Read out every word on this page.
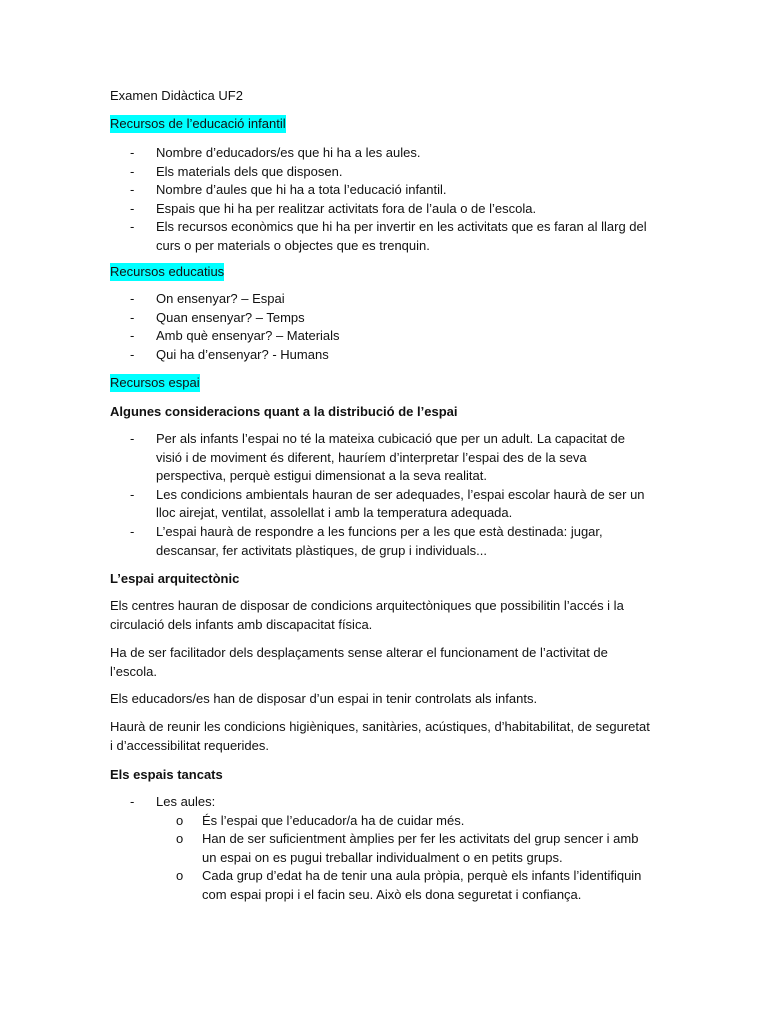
Examen Didàctica UF2
Recursos de l’educació infantil
- Nombre d’educadors/es que hi ha a les aules.
- Els materials dels que disposen.
- Nombre d’aules que hi ha a tota l’educació infantil.
- Espais que hi ha per realitzar activitats fora de l’aula o de l’escola.
- Els recursos econòmics que hi ha per invertir en les activitats que es faran al llarg del curs o per materials o objectes que es trenquin.
Recursos educatius
- On ensenyar? – Espai
- Quan ensenyar? – Temps
- Amb què ensenyar? – Materials
- Qui ha d’ensenyar? - Humans
Recursos espai
Algunes consideracions quant a la distribució de l’espai
- Per als infants l’espai no té la mateixa cubicació que per un adult. La capacitat de visió i de moviment és diferent, hauríem d’interpretar l’espai des de la seva perspectiva, perquè estigui dimensionat a la seva realitat.
- Les condicions ambientals hauran de ser adequades, l’espai escolar haurà de ser un lloc airejat, ventilat, assolellat i amb la temperatura adequada.
- L’espai haurà de respondre a les funcions per a les que està destinada: jugar, descansar, fer activitats plàstiques, de grup i individuals...
L’espai arquitectònic

Els centres hauran de disposar de condicions arquitectòniques que possibilitin l’accés i la circulació dels infants amb discapacitat física.

Ha de ser facilitador dels desplaçaments sense alterar el funcionament de l’activitat de l’escola.

Els educadors/es han de disposar d’un espai in tenir controlats als infants.

Haurà de reunir les condicions higièniques, sanitàries, acústiques, d’habitabilitat, de seguretat i d’accessibilitat requerides.

Els espais tancats
- Les aules:
o És l’espai que l’educador/a ha de cuidar més.
o Han de ser suficientment àmplies per fer les activitats del grup sencer i amb un espai on es pugui treballar individualment o en petits grups.
o Cada grup d’edat ha de tenir una aula pròpia, perquè els infants l’identifiquin com espai propi i el facin seu. Això els dona seguretat i confiança.
